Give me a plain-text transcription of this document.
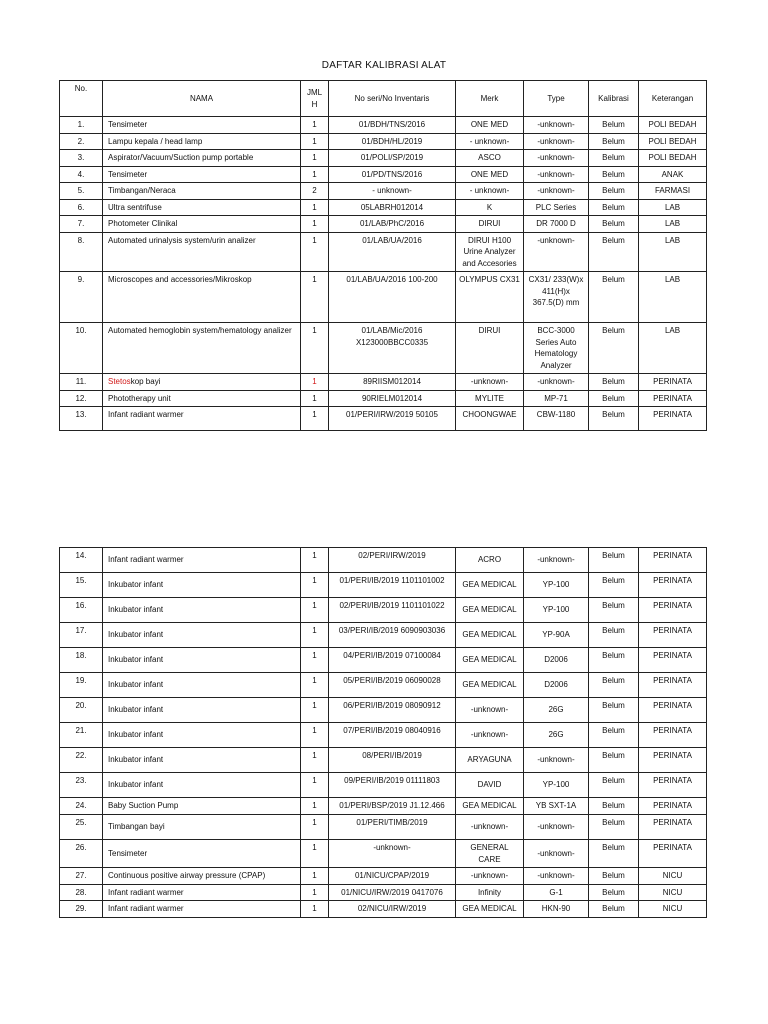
DAFTAR KALIBRASI ALAT
No.	NAMA	JML H	No seri/No Inventaris	Merk	Type	Kalibrasi	Keterangan
1.	Tensimeter	1	01/BDH/TNS/2016	ONE MED	-unknown-	Belum	POLI BEDAH
2.	Lampu kepala / head lamp	1	01/BDH/HL/2019	- unknown-	-unknown-	Belum	POLI BEDAH
3.	Aspirator/Vacuum/Suction pump portable	1	01/POLI/SP/2019	ASCO	-unknown-	Belum	POLI BEDAH
4.	Tensimeter	1	01/PD/TNS/2016	ONE MED	-unknown-	Belum	ANAK
5.	Timbangan/Neraca	2	- unknown-	- unknown-	-unknown-	Belum	FARMASI
6.	Ultra sentrifuse	1	05LABRH012014	K	PLC Series	Belum	LAB
7.	Photometer Clinikal	1	01/LAB/PhC/2016	DIRUI	DR 7000 D	Belum	LAB
8.	Automated urinalysis system/urin analizer	1	01/LAB/UA/2016	DIRUI H100 Urine Analyzer and Accesories	-unknown-	Belum	LAB
9.	Microscopes and accessories/Mikroskop	1	01/LAB/UA/2016 100-200	OLYMPUS CX31	CX31/ 233(W)x 411(H)x 367.5(D) mm	Belum	LAB
10.	Automated hemoglobin system/hematology analizer	1	01/LAB/Mic/2016 X123000BBCC0335	DIRUI	BCC-3000 Series Auto Hematology Analyzer	Belum	LAB
11.	Stetoskop bayi	1	89RIISM012014	-unknown-	-unknown-	Belum	PERINATA
12.	Phototherapy unit	1	90RIELM012014	MYLITE	MP-71	Belum	PERINATA
13.	Infant radiant warmer	1	01/PERI/IRW/2019 50105	CHOONGWAE	CBW-1180	Belum	PERINATA
14.	Infant radiant warmer	1	02/PERI/IRW/2019	ACRO	-unknown-	Belum	PERINATA
15.	Inkubator infant	1	01/PERI/IB/2019 1101101002	GEA MEDICAL	YP-100	Belum	PERINATA
16.	Inkubator infant	1	02/PERI/IB/2019 1101101022	GEA MEDICAL	YP-100	Belum	PERINATA
17.	Inkubator infant	1	03/PERI/IB/2019 6090903036	GEA MEDICAL	YP-90A	Belum	PERINATA
18.	Inkubator infant	1	04/PERI/IB/2019 07100084	GEA MEDICAL	D2006	Belum	PERINATA
19.	Inkubator infant	1	05/PERI/IB/2019 06090028	GEA MEDICAL	D2006	Belum	PERINATA
20.	Inkubator infant	1	06/PERI/IB/2019 08090912	-unknown-	26G	Belum	PERINATA
21.	Inkubator infant	1	07/PERI/IB/2019 08040916	-unknown-	26G	Belum	PERINATA
22.	Inkubator infant	1	08/PERI/IB/2019	ARYAGUNA	-unknown-	Belum	PERINATA
23.	Inkubator infant	1	09/PERI/IB/2019 01111803	DAVID	YP-100	Belum	PERINATA
24.	Baby Suction Pump	1	01/PERI/BSP/2019 J1.12.466	GEA MEDICAL	YB SXT-1A	Belum	PERINATA
25.	Timbangan bayi	1	01/PERI/TIMB/2019	-unknown-	-unknown-	Belum	PERINATA
26.	Tensimeter	1	-unknown-	GENERAL CARE	-unknown-	Belum	PERINATA
27.	Continuous positive airway pressure (CPAP)	1	01/NICU/CPAP/2019	-unknown-	-unknown-	Belum	NICU
28.	Infant radiant warmer	1	01/NICU/IRW/2019 0417076	Infinity	G-1	Belum	NICU
29.	Infant radiant warmer	1	02/NICU/IRW/2019	GEA MEDICAL	HKN-90	Belum	NICU
